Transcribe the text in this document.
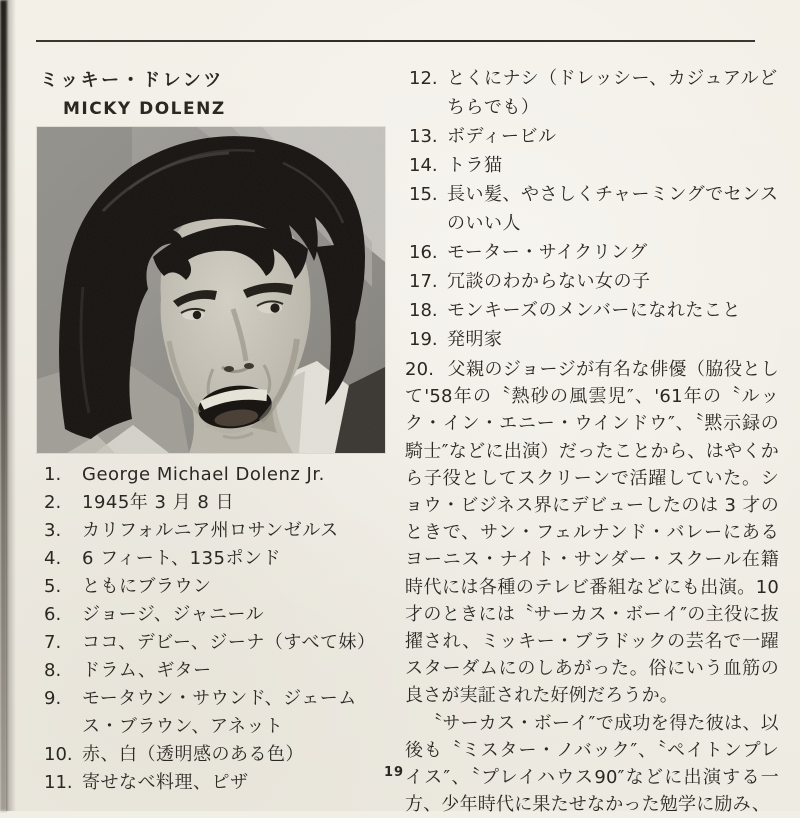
ミッキー・ドレンツ
MICKY DOLENZ
1. George Michael Dolenz Jr.
2. 1945年 3 月 8 日
3. カリフォルニア州ロサンゼルス
4. 6 フィート、135ポンド
5. ともにブラウン
6. ジョージ、ジャニール
7. ココ、デビー、ジーナ（すべて妹）
8. ドラム、ギター
9. モータウン・サウンド、ジェームス・ブラウン、アネット
10. 赤、白（透明感のある色）
11. 寄せなべ料理、ピザ
12. とくにナシ（ドレッシー、カジュアルどちらでも）
13. ボディービル
14. トラ猫
15. 長い髪、やさしくチャーミングでセンスのいい人
16. モーター・サイクリング
17. 冗談のわからない女の子
18. モンキーズのメンバーになれたこと
19. 発明家

20. 父親のジョージが有名な俳優（脇役として'58年の〝熱砂の風雲児″、'61年の〝ルック・イン・エニー・ウインドウ″、〝黙示録の騎士″などに出演）だったことから、はやくから子役としてスクリーンで活躍していた。ショウ・ビジネス界にデビューしたのは 3 才のときで、サン・フェルナンド・バレーにあるヨーニス・ナイト・サンダー・スクール在籍時代には各種のテレビ番組などにも出演。10才のときには〝サーカス・ボーイ″の主役に抜擢され、ミッキー・ブラドックの芸名で一躍スターダムにのしあがった。俗にいう血筋の良さが実証された好例だろうか。

〝サーカス・ボーイ″で成功を得た彼は、以後も〝ミスター・ノバック″、〝ペイトンプレイス″、〝プレイハウス90″などに出演する一方、少年時代に果たせなかった勉学に励み、

19
